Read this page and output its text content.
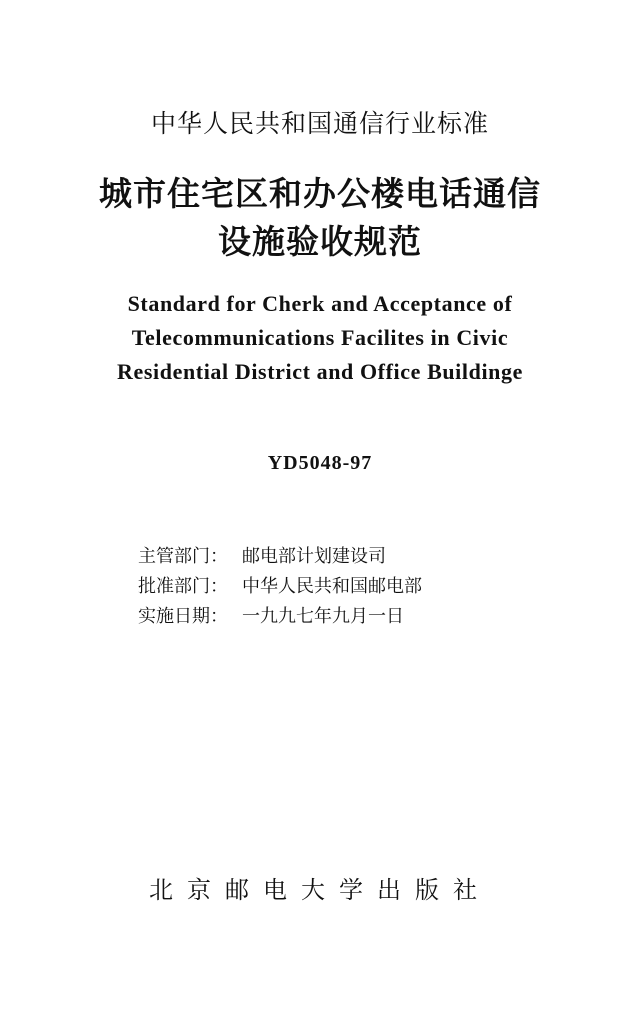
中华人民共和国通信行业标准
城市住宅区和办公楼电话通信
设施验收规范
Standard for Cherk and Acceptance of
Telecommunications Facilites in Civic
Residential District and Office Buildinge
YD5048-97
主管部门： 邮电部计划建设司
批准部门： 中华人民共和国邮电部
实施日期： 一九九七年九月一日
北京邮电大学出版社
